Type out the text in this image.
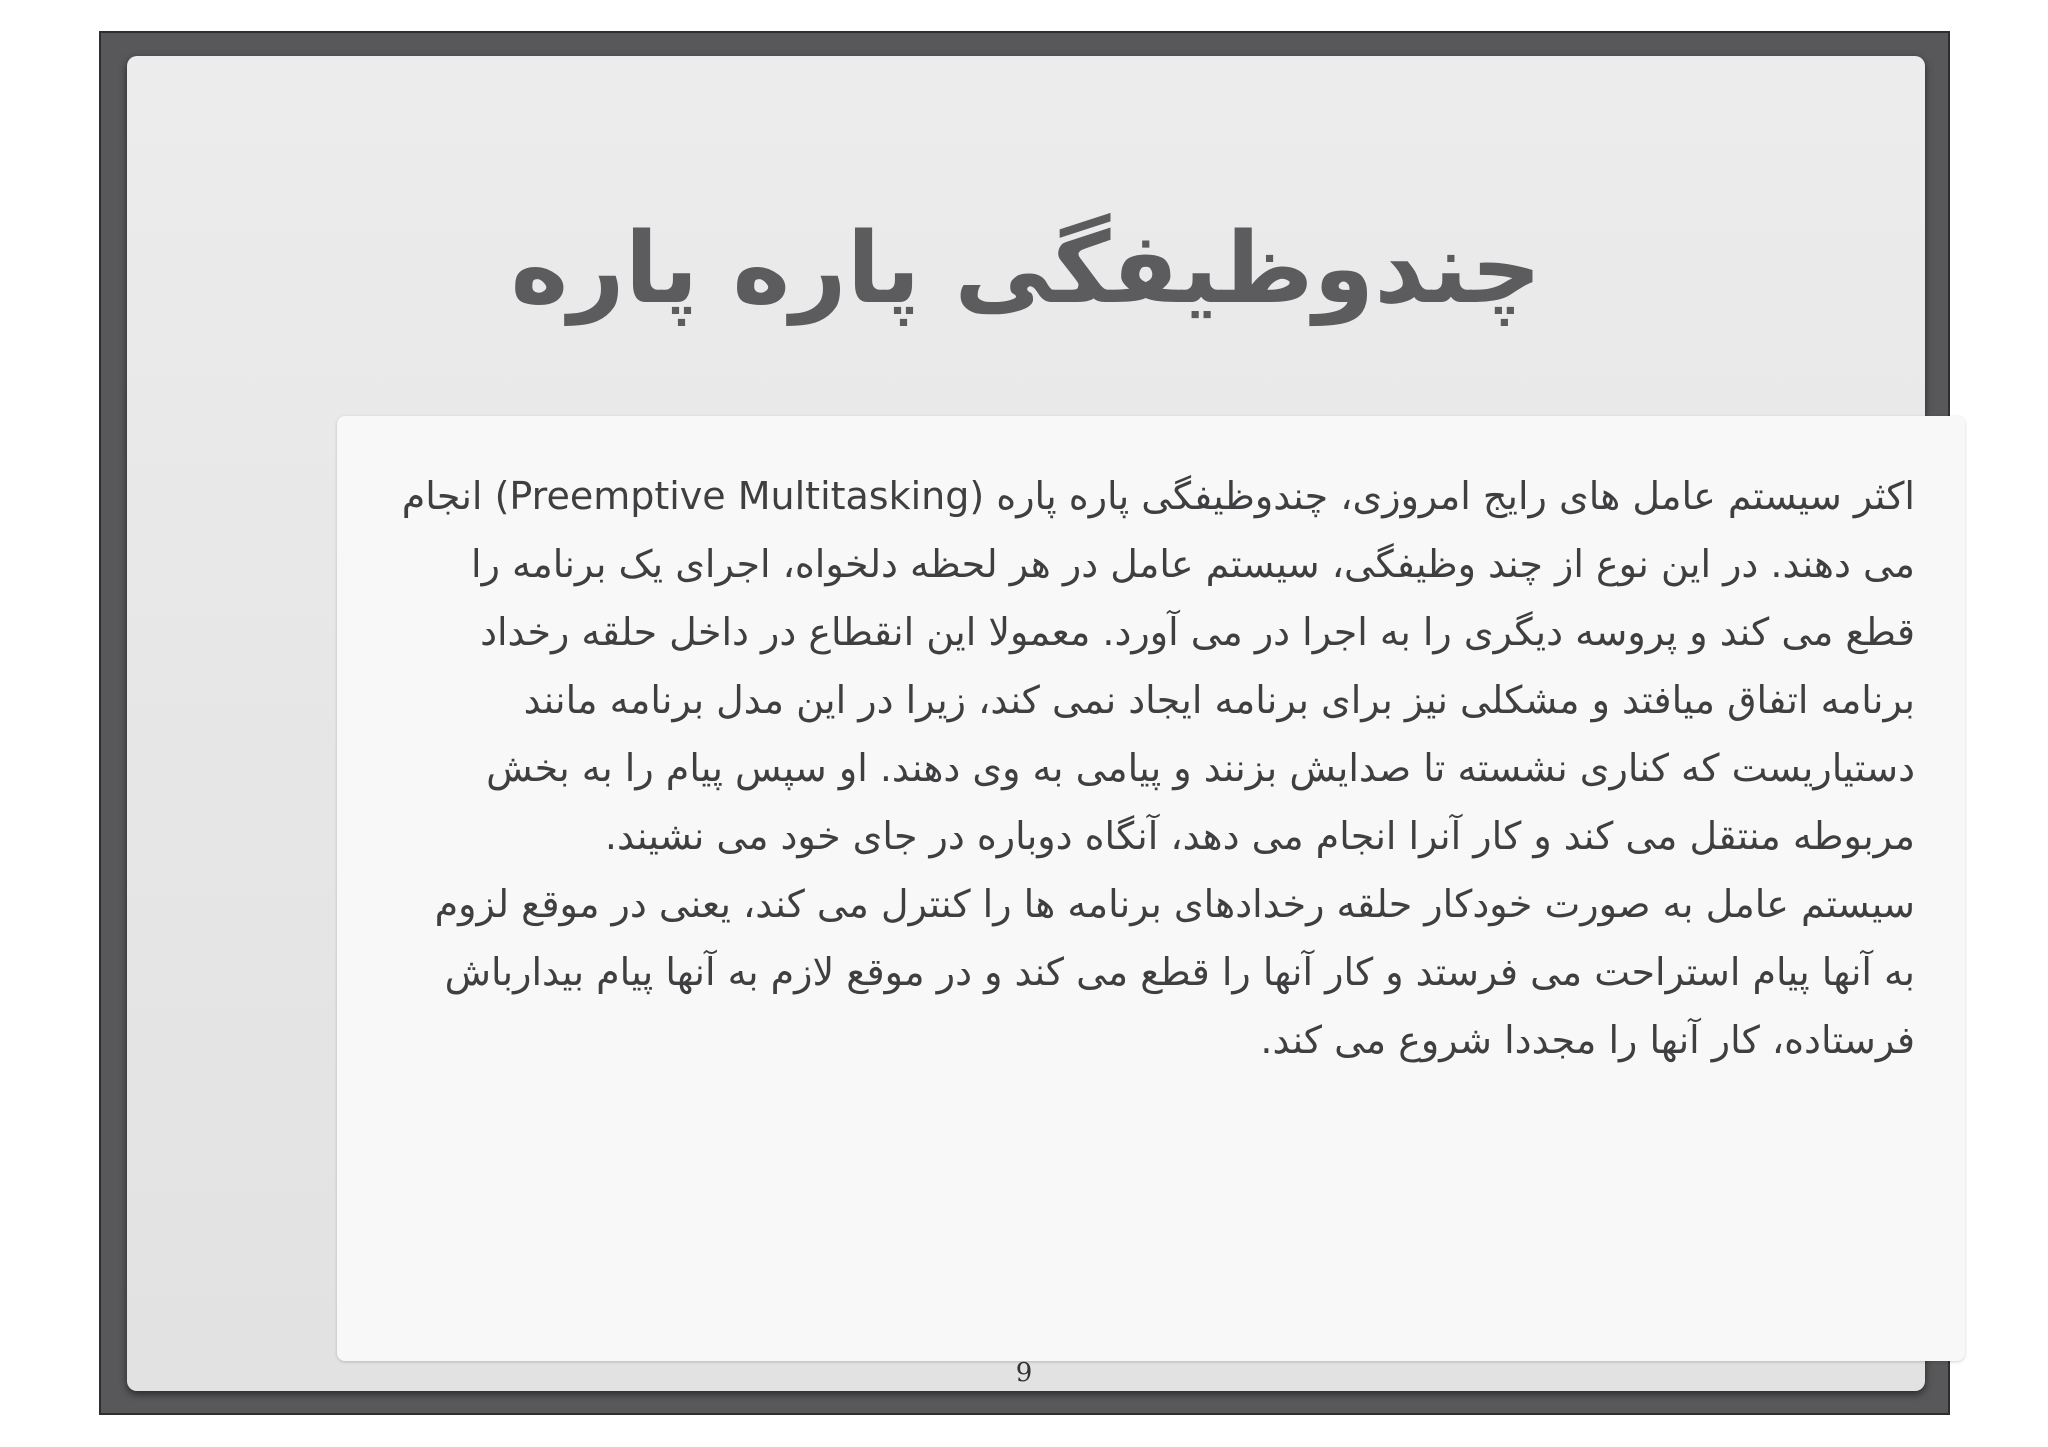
چندوظیفگی پاره پاره

اکثر سیستم عامل های رایج امروزی، چندوظیفگی پاره پاره (Preemptive Multitasking) انجام می دهند. در این نوع از چند وظیفگی، سیستم عامل در هر لحظه دلخواه، اجرای یک برنامه را قطع می کند و پروسه دیگری را به اجرا در می آورد. معمولا این انقطاع در داخل حلقه رخداد برنامه اتفاق میافتد و مشکلی نیز برای برنامه ایجاد نمی کند، زیرا در این مدل برنامه مانند دستیاریست که کناری نشسته تا صدایش بزنند و پیامی به وی دهند. او سپس پیام را به بخش مربوطه منتقل می کند و کار آنرا انجام می دهد، آنگاه دوباره در جای خود می نشیند.

سیستم عامل به صورت خودکار حلقه رخدادهای برنامه ها را کنترل می کند، یعنی در موقع لزوم به آنها پیام استراحت می فرستد و کار آنها را قطع می کند و در موقع لازم به آنها پیام بیدارباش فرستاده، کار آنها را مجددا شروع می کند.

9
